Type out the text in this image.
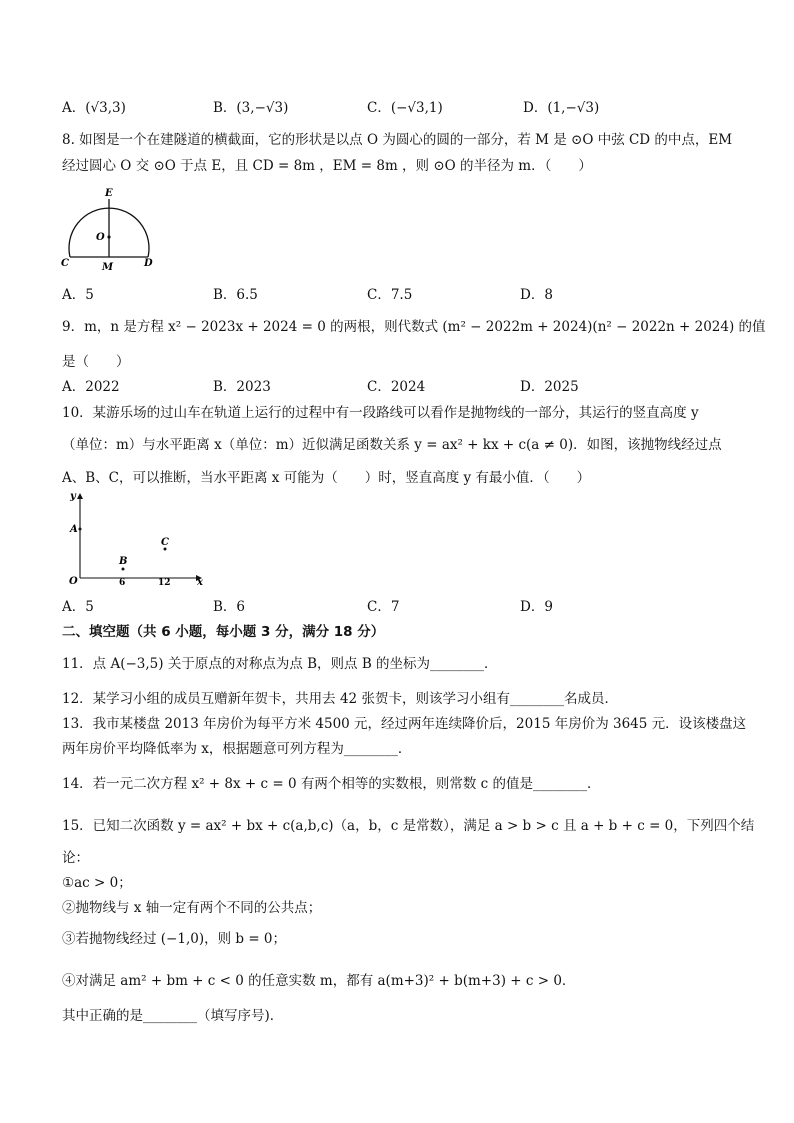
A．(√3,3)	B．(3,−√3)	C．(−√3,1)	D．(1,−√3)
8. 如图是一个在建隧道的横截面，它的形状是以点 O 为圆心的圆的一部分，若 M 是 ⊙O 中弦 CD 的中点，EM
经过圆心 O 交 ⊙O 于点 E，且 CD = 8m ，EM = 8m ，则 ⊙O 的半径为 m．（　　）
E
O
C	M	D
A．5	B．6.5	C．7.5	D．8
9．m，n 是方程 x² − 2023x + 2024 = 0 的两根，则代数式 (m² − 2022m + 2024)(n² − 2022n + 2024) 的值
是（　　）
A．2022	B．2023	C．2024	D．2025
10．某游乐场的过山车在轨道上运行的过程中有一段路线可以看作是抛物线的一部分，其运行的竖直高度 y
（单位：m）与水平距离 x（单位：m）近似满足函数关系 y = ax² + kx + c(a ≠ 0)．如图，该抛物线经过点
A、B、C，可以推断，当水平距离 x 可能为（　　）时，竖直高度 y 有最小值．（　　）
y
A
B
C
O	6	12	x
A．5	B．6	C．7	D．9
二、填空题（共 6 小题，每小题 3 分，满分 18 分）
11．点 A(−3,5) 关于原点的对称点为点 B，则点 B 的坐标为________．
12．某学习小组的成员互赠新年贺卡，共用去 42 张贺卡，则该学习小组有________名成员．
13．我市某楼盘 2013 年房价为每平方米 4500 元，经过两年连续降价后，2015 年房价为 3645 元．设该楼盘这
两年房价平均降低率为 x，根据题意可列方程为________．
14．若一元二次方程 x² + 8x + c = 0 有两个相等的实数根，则常数 c 的值是________．
15．已知二次函数 y = ax² + bx + c(a,b,c)（a，b，c 是常数），满足 a > b > c 且 a + b + c = 0，下列四个结
论：
①ac > 0；
②抛物线与 x 轴一定有两个不同的公共点；
③若抛物线经过 (−1,0)，则 b = 0；
④对满足 am² + bm + c < 0 的任意实数 m，都有 a(m+3)² + b(m+3) + c > 0．
其中正确的是________（填写序号)．
